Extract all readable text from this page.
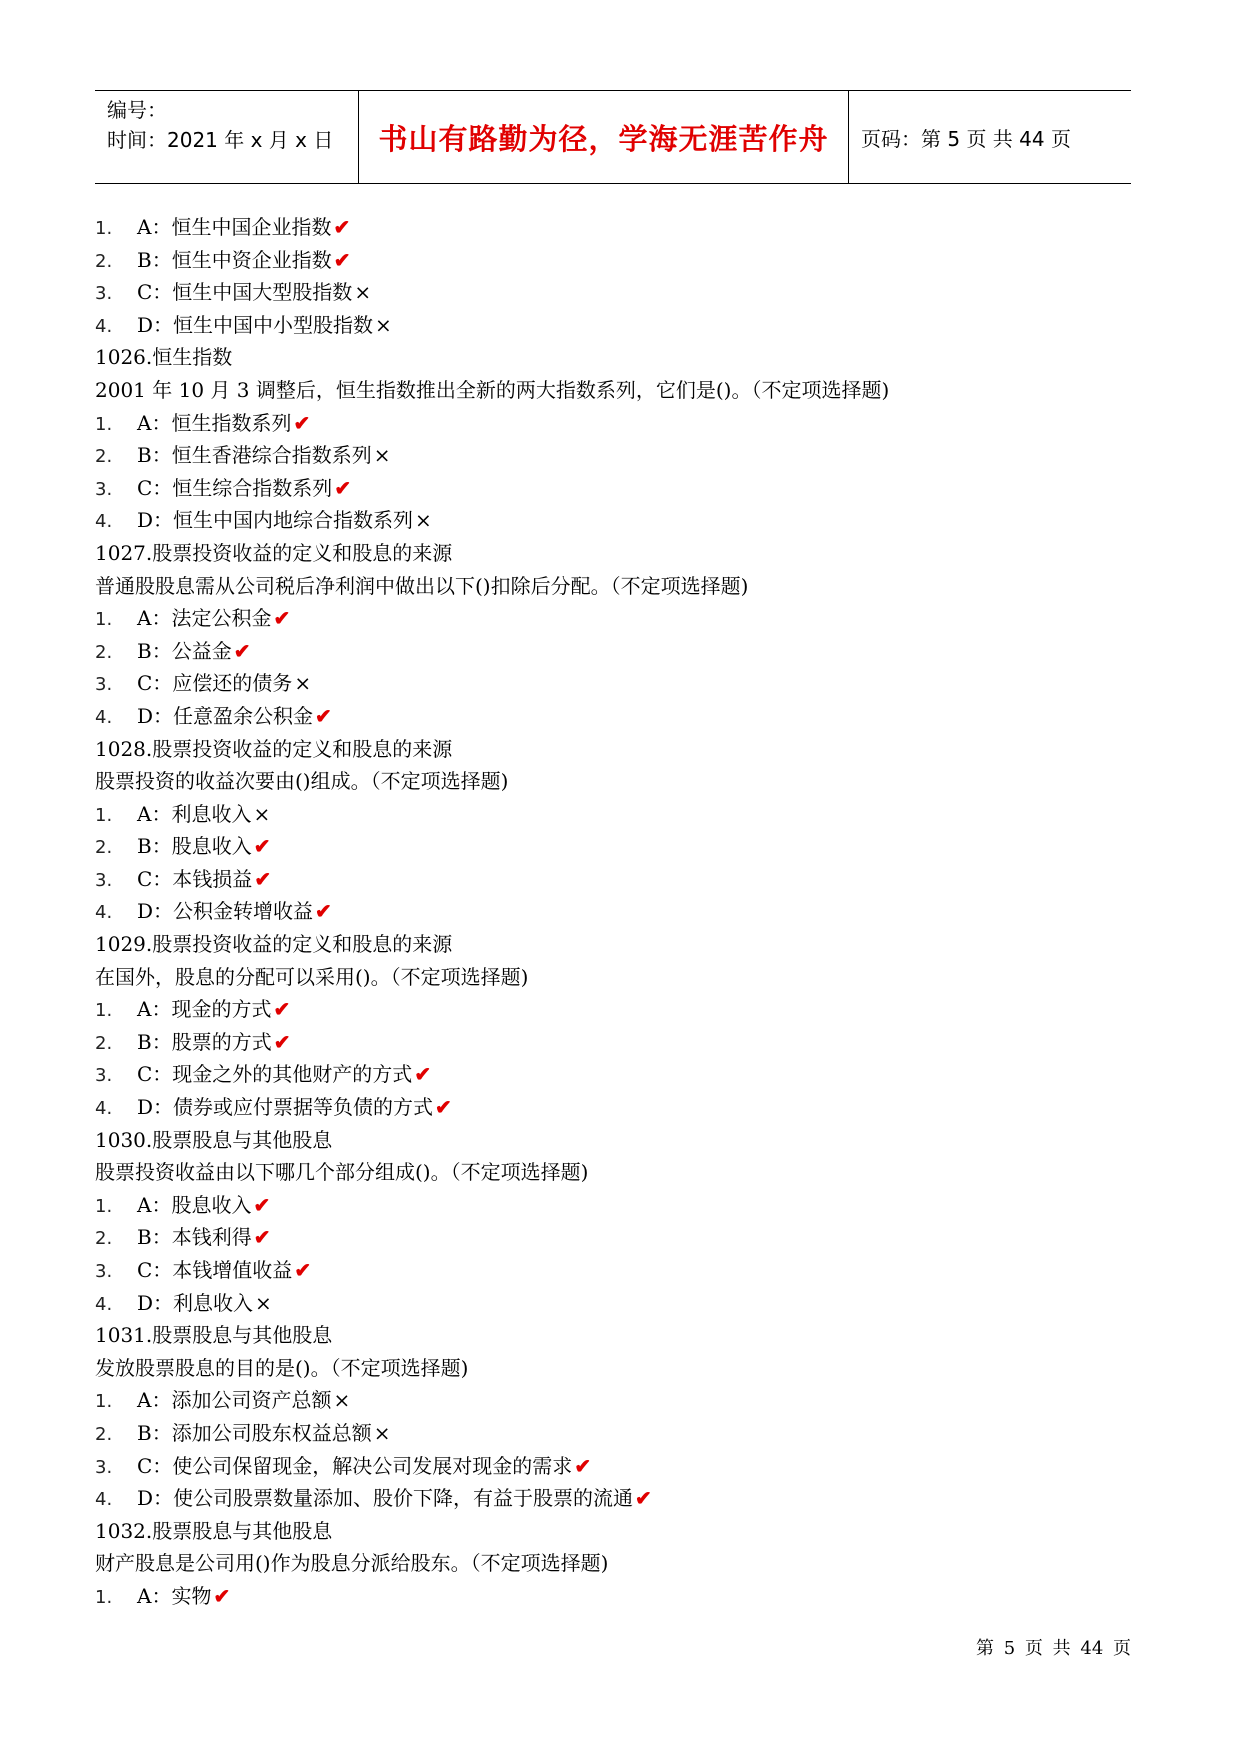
编号：
时间：2021 年 x 月 x 日	书山有路勤为径，学海无涯苦作舟 页码：第 5 页 共 44 页
1. A：恒生中国企业指数 ✔
2. B：恒生中资企业指数 ✔
3. C：恒生中国大型股指数 ×
4. D：恒生中国中小型股指数 ×
1026.恒生指数
2001 年 10 月 3 调整后，恒生指数推出全新的两大指数系列，它们是()。（不定项选择题)
1. A：恒生指数系列 ✔
2. B：恒生香港综合指数系列 ×
3. C：恒生综合指数系列 ✔
4. D：恒生中国内地综合指数系列 ×
1027.股票投资收益的定义和股息的来源
普通股股息需从公司税后净利润中做出以下()扣除后分配。（不定项选择题)
1. A：法定公积金 ✔
2. B：公益金 ✔
3. C：应偿还的债务 ×
4. D：任意盈余公积金 ✔
1028.股票投资收益的定义和股息的来源
股票投资的收益次要由()组成。（不定项选择题)
1. A：利息收入 ×
2. B：股息收入 ✔
3. C：本钱损益 ✔
4. D：公积金转增收益 ✔
1029.股票投资收益的定义和股息的来源
在国外，股息的分配可以采用()。（不定项选择题)
1. A：现金的方式 ✔
2. B：股票的方式 ✔
3. C：现金之外的其他财产的方式 ✔
4. D：债券或应付票据等负债的方式 ✔
1030.股票股息与其他股息
股票投资收益由以下哪几个部分组成()。（不定项选择题)
1. A：股息收入 ✔
2. B：本钱利得 ✔
3. C：本钱增值收益 ✔
4. D：利息收入 ×
1031.股票股息与其他股息
发放股票股息的目的是()。（不定项选择题)
1. A：添加公司资产总额 ×
2. B：添加公司股东权益总额 ×
3. C：使公司保留现金，解决公司发展对现金的需求 ✔
4. D：使公司股票数量添加、股价下降，有益于股票的流通 ✔
1032.股票股息与其他股息
财产股息是公司用()作为股息分派给股东。（不定项选择题)
1. A：实物 ✔
第 5 页 共 44 页
